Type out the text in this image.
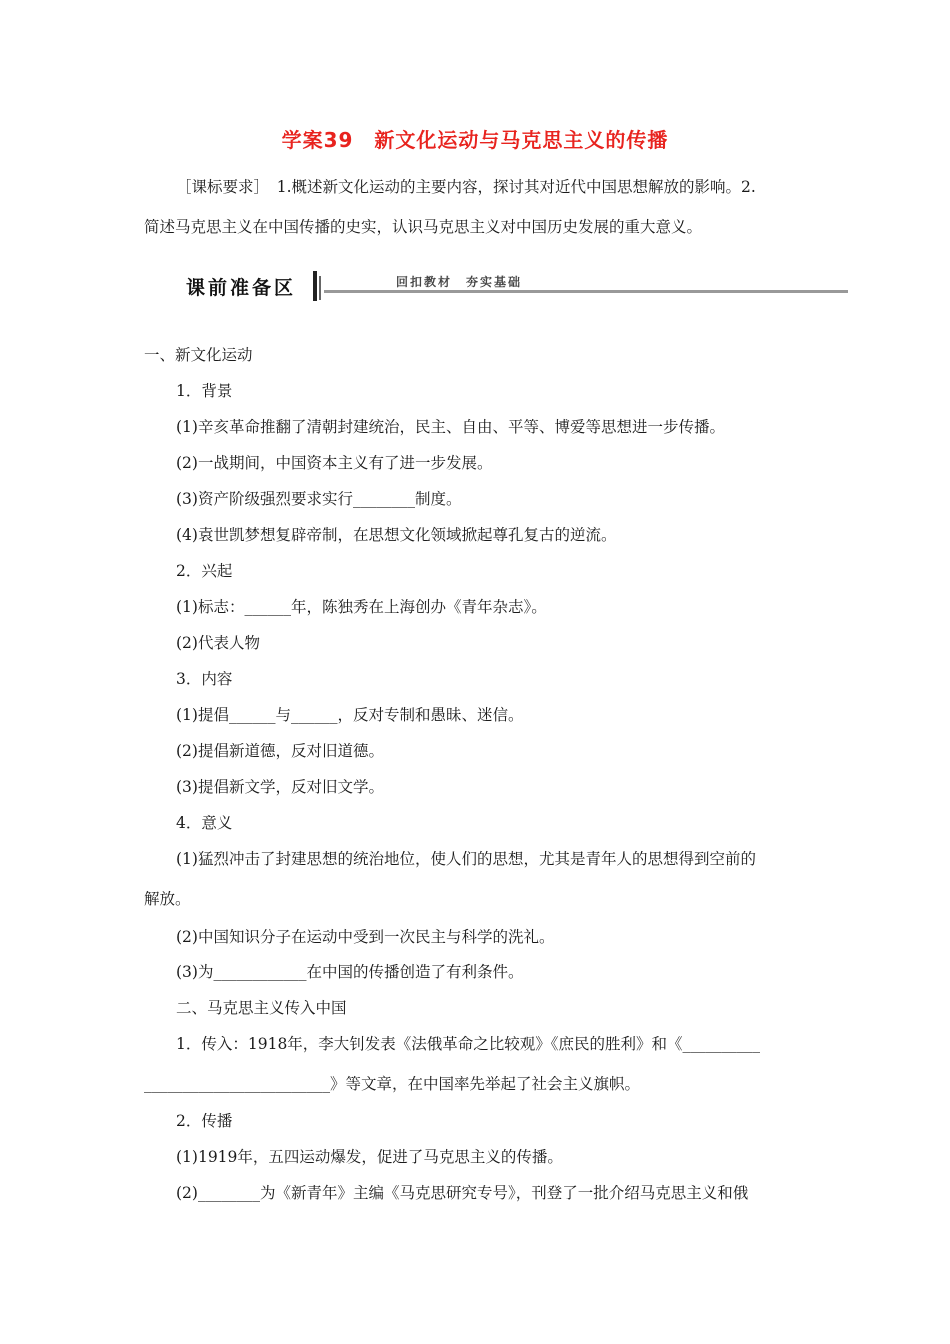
学案39　新文化运动与马克思主义的传播
［课标要求］　1.概述新文化运动的主要内容，探讨其对近代中国思想解放的影响。2.
简述马克思主义在中国传播的史实，认识马克思主义对中国历史发展的重大意义。
课前准备区	回扣教材　夯实基础
一、新文化运动
1．背景
(1)辛亥革命推翻了清朝封建统治，民主、自由、平等、博爱等思想进一步传播。
(2)一战期间，中国资本主义有了进一步发展。
(3)资产阶级强烈要求实行________制度。
(4)袁世凯梦想复辟帝制，在思想文化领域掀起尊孔复古的逆流。
2．兴起
(1)标志：______年，陈独秀在上海创办《青年杂志》。
(2)代表人物
3．内容
(1)提倡______与______，反对专制和愚昧、迷信。
(2)提倡新道德，反对旧道德。
(3)提倡新文学，反对旧文学。
4．意义
(1)猛烈冲击了封建思想的统治地位，使人们的思想，尤其是青年人的思想得到空前的
解放。
(2)中国知识分子在运动中受到一次民主与科学的洗礼。
(3)为____________在中国的传播创造了有利条件。
二、马克思主义传入中国
1．传入：1918年，李大钊发表《法俄革命之比较观》《庶民的胜利》和《__________
________________________》等文章，在中国率先举起了社会主义旗帜。
2．传播
(1)1919年，五四运动爆发，促进了马克思主义的传播。
(2)________为《新青年》主编《马克思研究专号》，刊登了一批介绍马克思主义和俄
